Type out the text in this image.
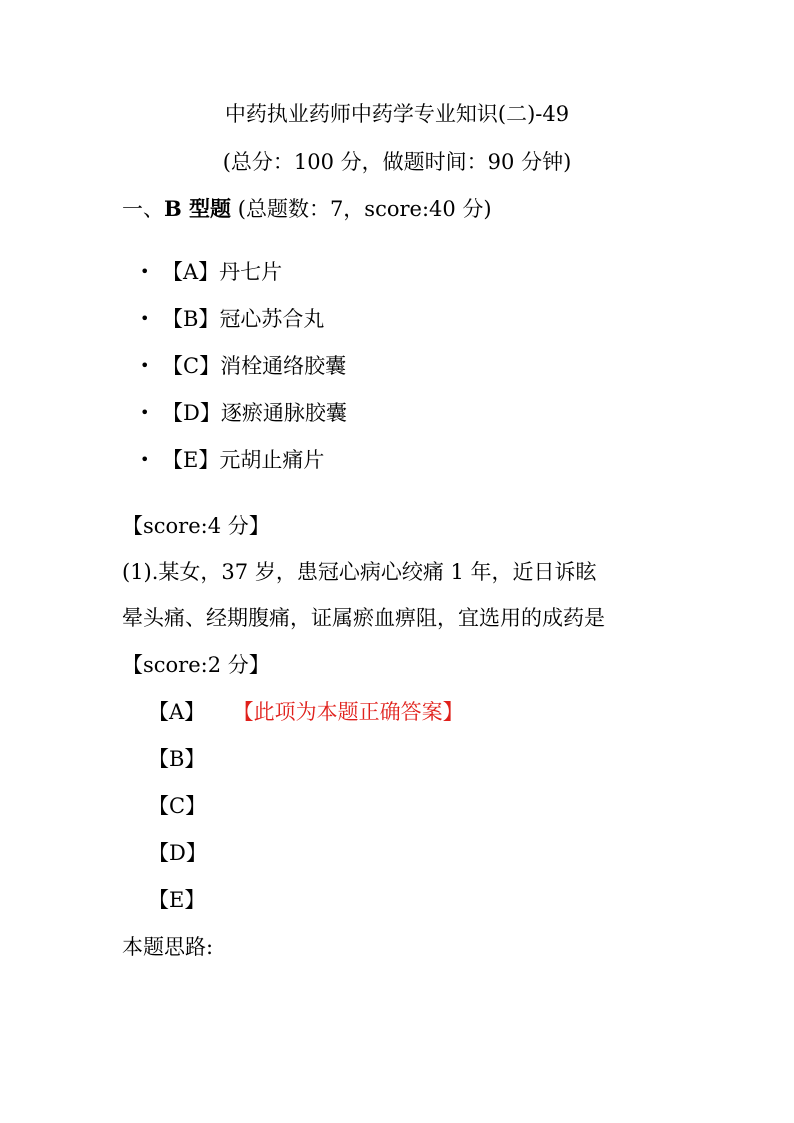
中药执业药师中药学专业知识(二)-49
(总分：100 分，做题时间：90 分钟)
一、B 型题 (总题数：7，score:40 分)
• 【A】丹七片
• 【B】冠心苏合丸
• 【C】消栓通络胶囊
• 【D】逐瘀通脉胶囊
• 【E】元胡止痛片
【score:4 分】
(1).某女，37 岁，患冠心病心绞痛 1 年，近日诉眩
晕头痛、经期腹痛，证属瘀血痹阻，宜选用的成药是
【score:2 分】
【A】 【此项为本题正确答案】
【B】
【C】
【D】
【E】
本题思路:
